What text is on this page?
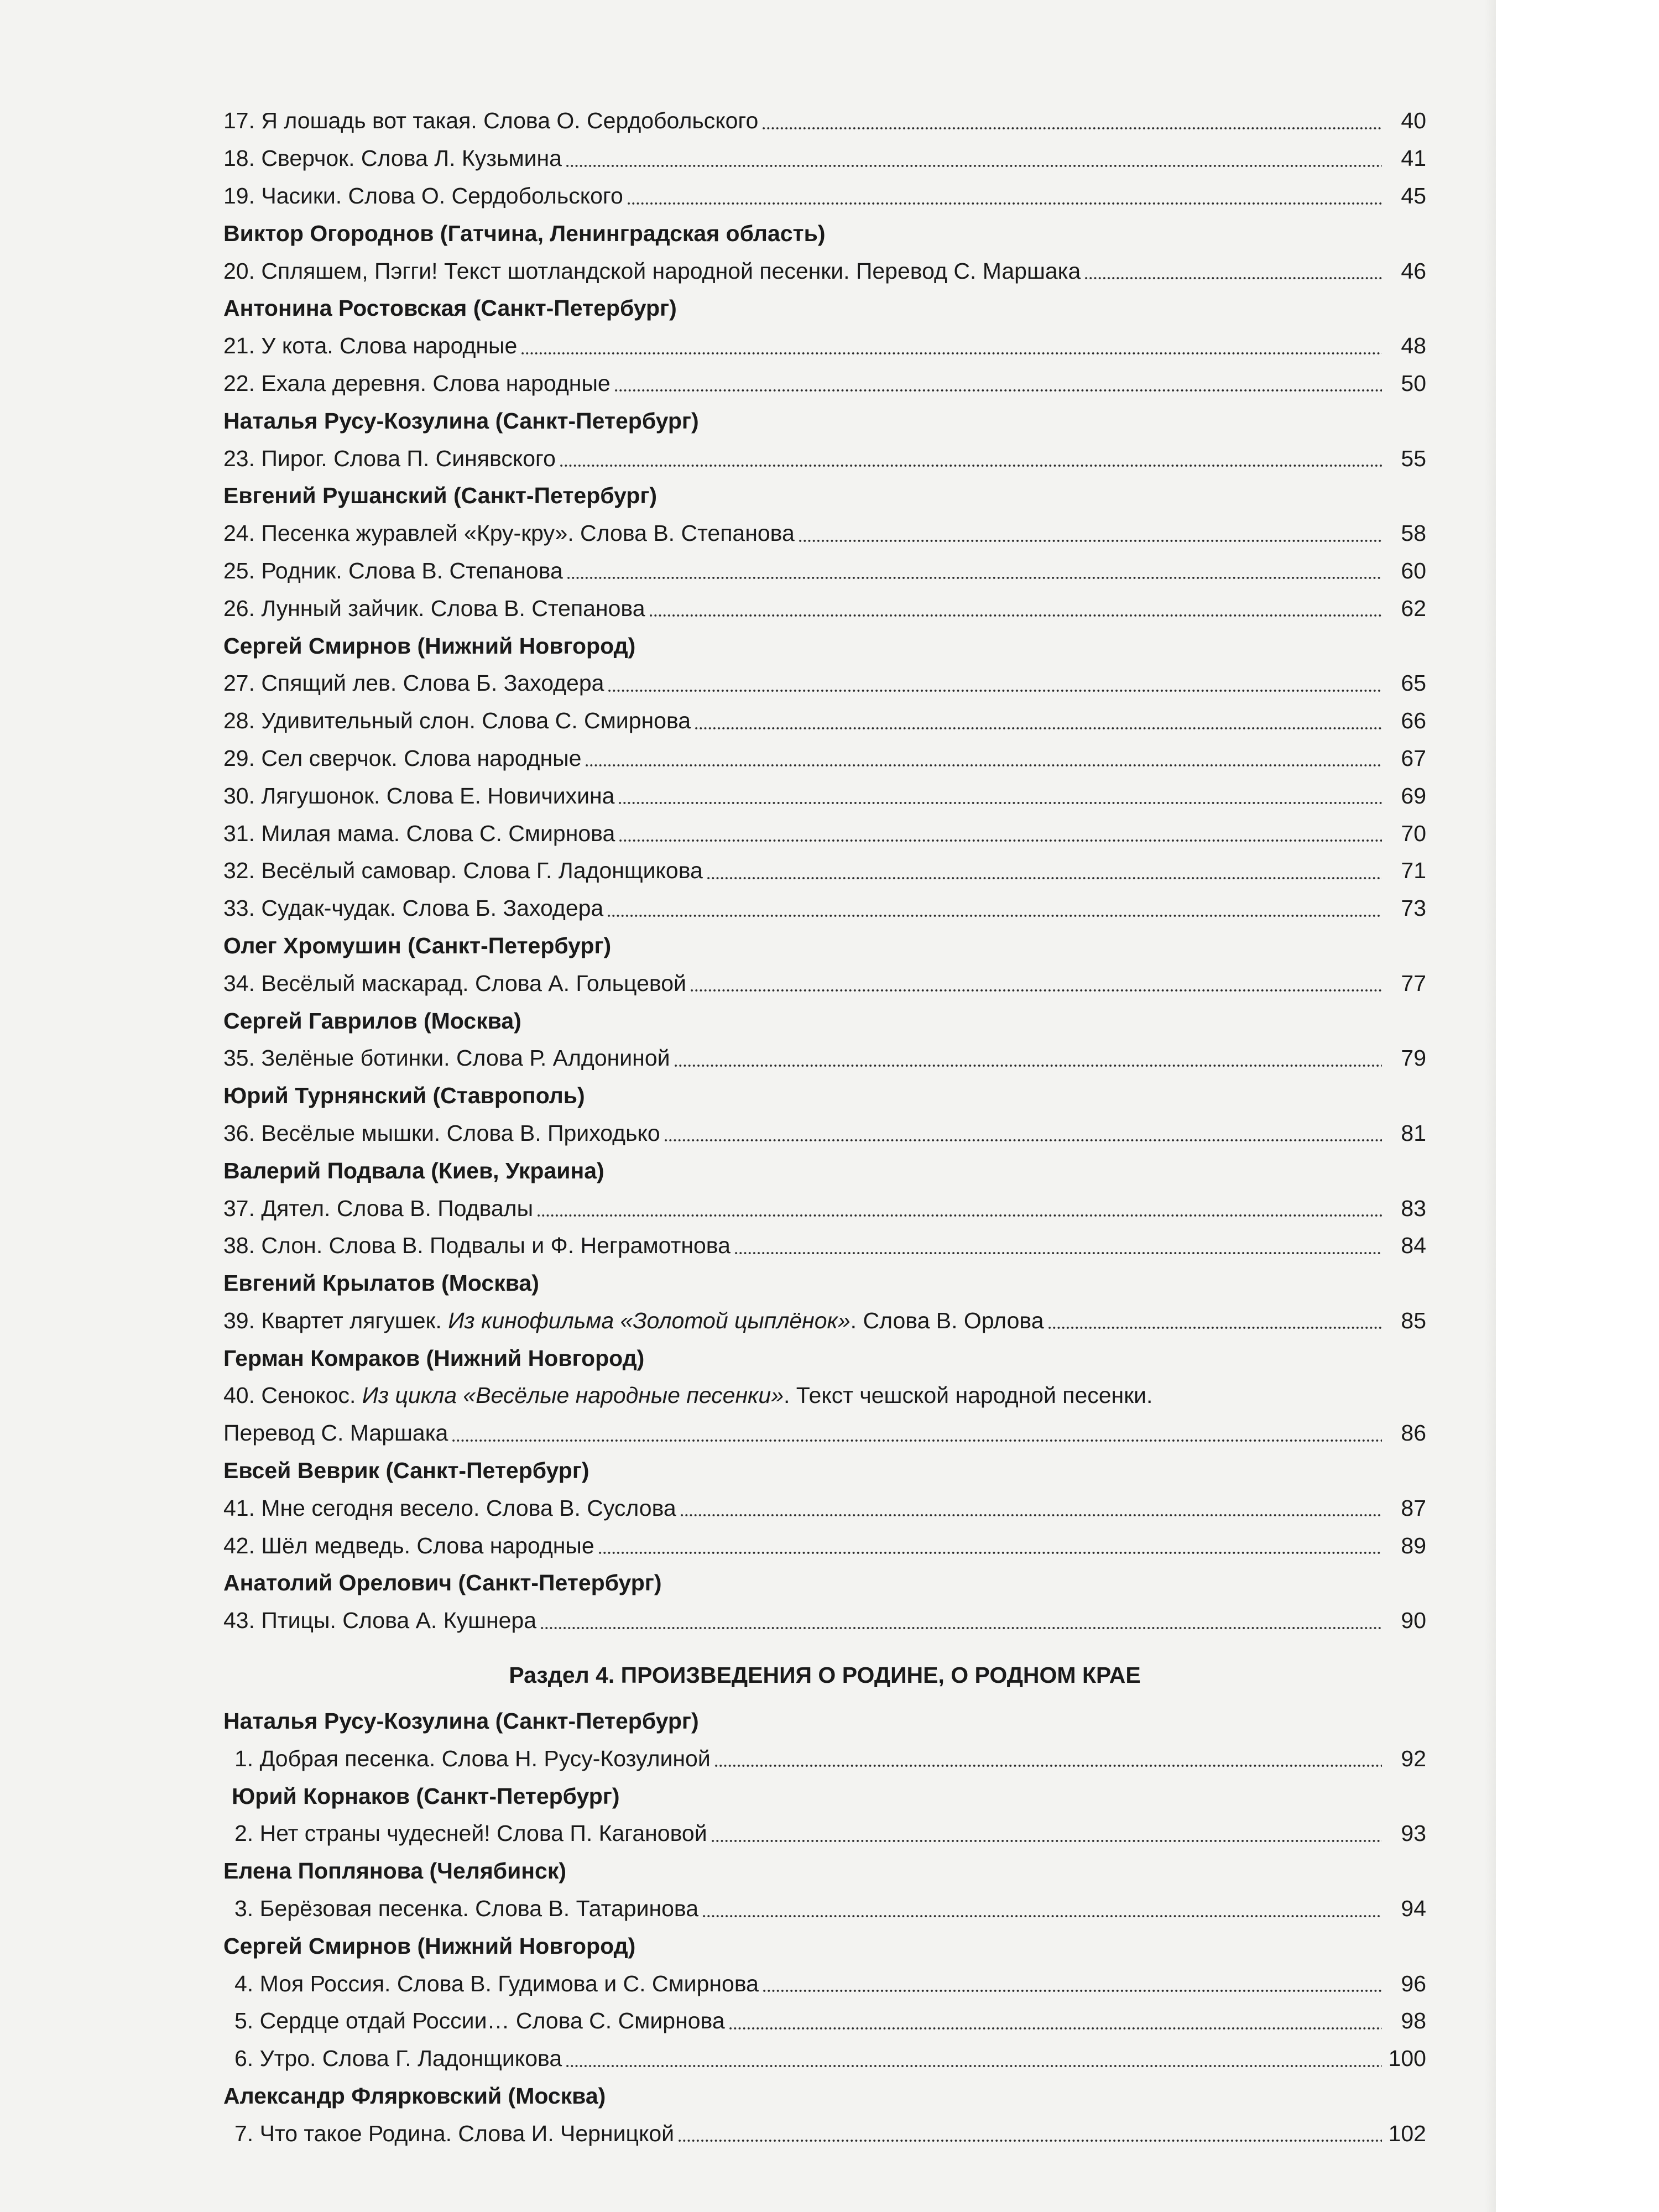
17. Я лошадь вот такая. Слова О. Сердобольского	40
18. Сверчок. Слова Л. Кузьмина	41
19. Часики. Слова О. Сердобольского	45
Виктор Огороднов (Гатчина, Ленинградская область)
20. Спляшем, Пэгги! Текст шотландской народной песенки. Перевод С. Маршака	46
Антонина Ростовская (Санкт-Петербург)
21. У кота. Слова народные	48
22. Ехала деревня. Слова народные	50
Наталья Русу-Козулина (Санкт-Петербург)
23. Пирог. Слова П. Синявского	55
Евгений Рушанский (Санкт-Петербург)
24. Песенка журавлей «Кру-кру». Слова В. Степанова	58
25. Родник. Слова В. Степанова	60
26. Лунный зайчик. Слова В. Степанова	62
Сергей Смирнов (Нижний Новгород)
27. Спящий лев. Слова Б. Заходера	65
28. Удивительный слон. Слова С. Смирнова	66
29. Сел сверчок. Слова народные	67
30. Лягушонок. Слова Е. Новичихина	69
31. Милая мама. Слова С. Смирнова	70
32. Весёлый самовар. Слова Г. Ладонщикова	71
33. Судак-чудак. Слова Б. Заходера	73
Олег Хромушин (Санкт-Петербург)
34. Весёлый маскарад. Слова А. Гольцевой	77
Сергей Гаврилов (Москва)
35. Зелёные ботинки. Слова Р. Алдониной	79
Юрий Турнянский (Ставрополь)
36. Весёлые мышки. Слова В. Приходько	81
Валерий Подвала (Киев, Украина)
37. Дятел. Слова В. Подвалы	83
38. Слон. Слова В. Подвалы и Ф. Неграмотнова	84
Евгений Крылатов (Москва)
39. Квартет лягушек. Из кинофильма «Золотой цыплёнок». Слова В. Орлова	85
Герман Комраков (Нижний Новгород)
40. Сенокос. Из цикла «Весёлые народные песенки». Текст чешской народной песенки.
Перевод С. Маршака	86
Евсей Веврик (Санкт-Петербург)
41. Мне сегодня весело. Слова В. Суслова	87
42. Шёл медведь. Слова народные	89
Анатолий Орелович (Санкт-Петербург)
43. Птицы. Слова А. Кушнера	90
Раздел 4. ПРОИЗВЕДЕНИЯ О РОДИНЕ, О РОДНОМ КРАЕ
Наталья Русу-Козулина (Санкт-Петербург)
1. Добрая песенка. Слова Н. Русу-Козулиной	92
Юрий Корнаков (Санкт-Петербург)
2. Нет страны чудесней! Слова П. Кагановой	93
Елена Поплянова (Челябинск)
3. Берёзовая песенка. Слова В. Татаринова	94
Сергей Смирнов (Нижний Новгород)
4. Моя Россия. Слова В. Гудимова и С. Смирнова	96
5. Сердце отдай России… Слова С. Смирнова	98
6. Утро. Слова Г. Ладонщикова	100
Александр Флярковский (Москва)
7. Что такое Родина. Слова И. Черницкой	102
